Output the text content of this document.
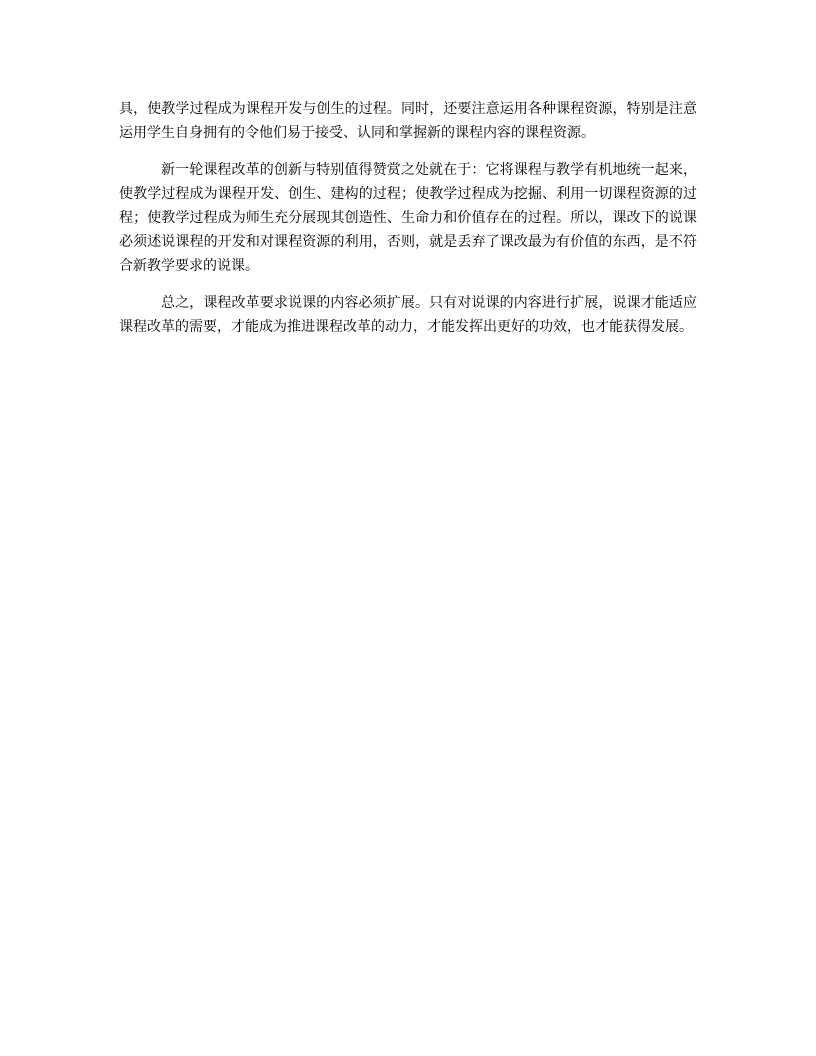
具，使教学过程成为课程开发与创生的过程。同时，还要注意运用各种课程资源，特别是注意运用学生自身拥有的令他们易于接受、认同和掌握新的课程内容的课程资源。

新一轮课程改革的创新与特别值得赞赏之处就在于：它将课程与教学有机地统一起来，使教学过程成为课程开发、创生、建构的过程；使教学过程成为挖掘、利用一切课程资源的过程；使教学过程成为师生充分展现其创造性、生命力和价值存在的过程。所以，课改下的说课必须述说课程的开发和对课程资源的利用，否则，就是丢弃了课改最为有价值的东西，是不符合新教学要求的说课。

总之，课程改革要求说课的内容必须扩展。只有对说课的内容进行扩展，说课才能适应课程改革的需要，才能成为推进课程改革的动力，才能发挥出更好的功效，也才能获得发展。
